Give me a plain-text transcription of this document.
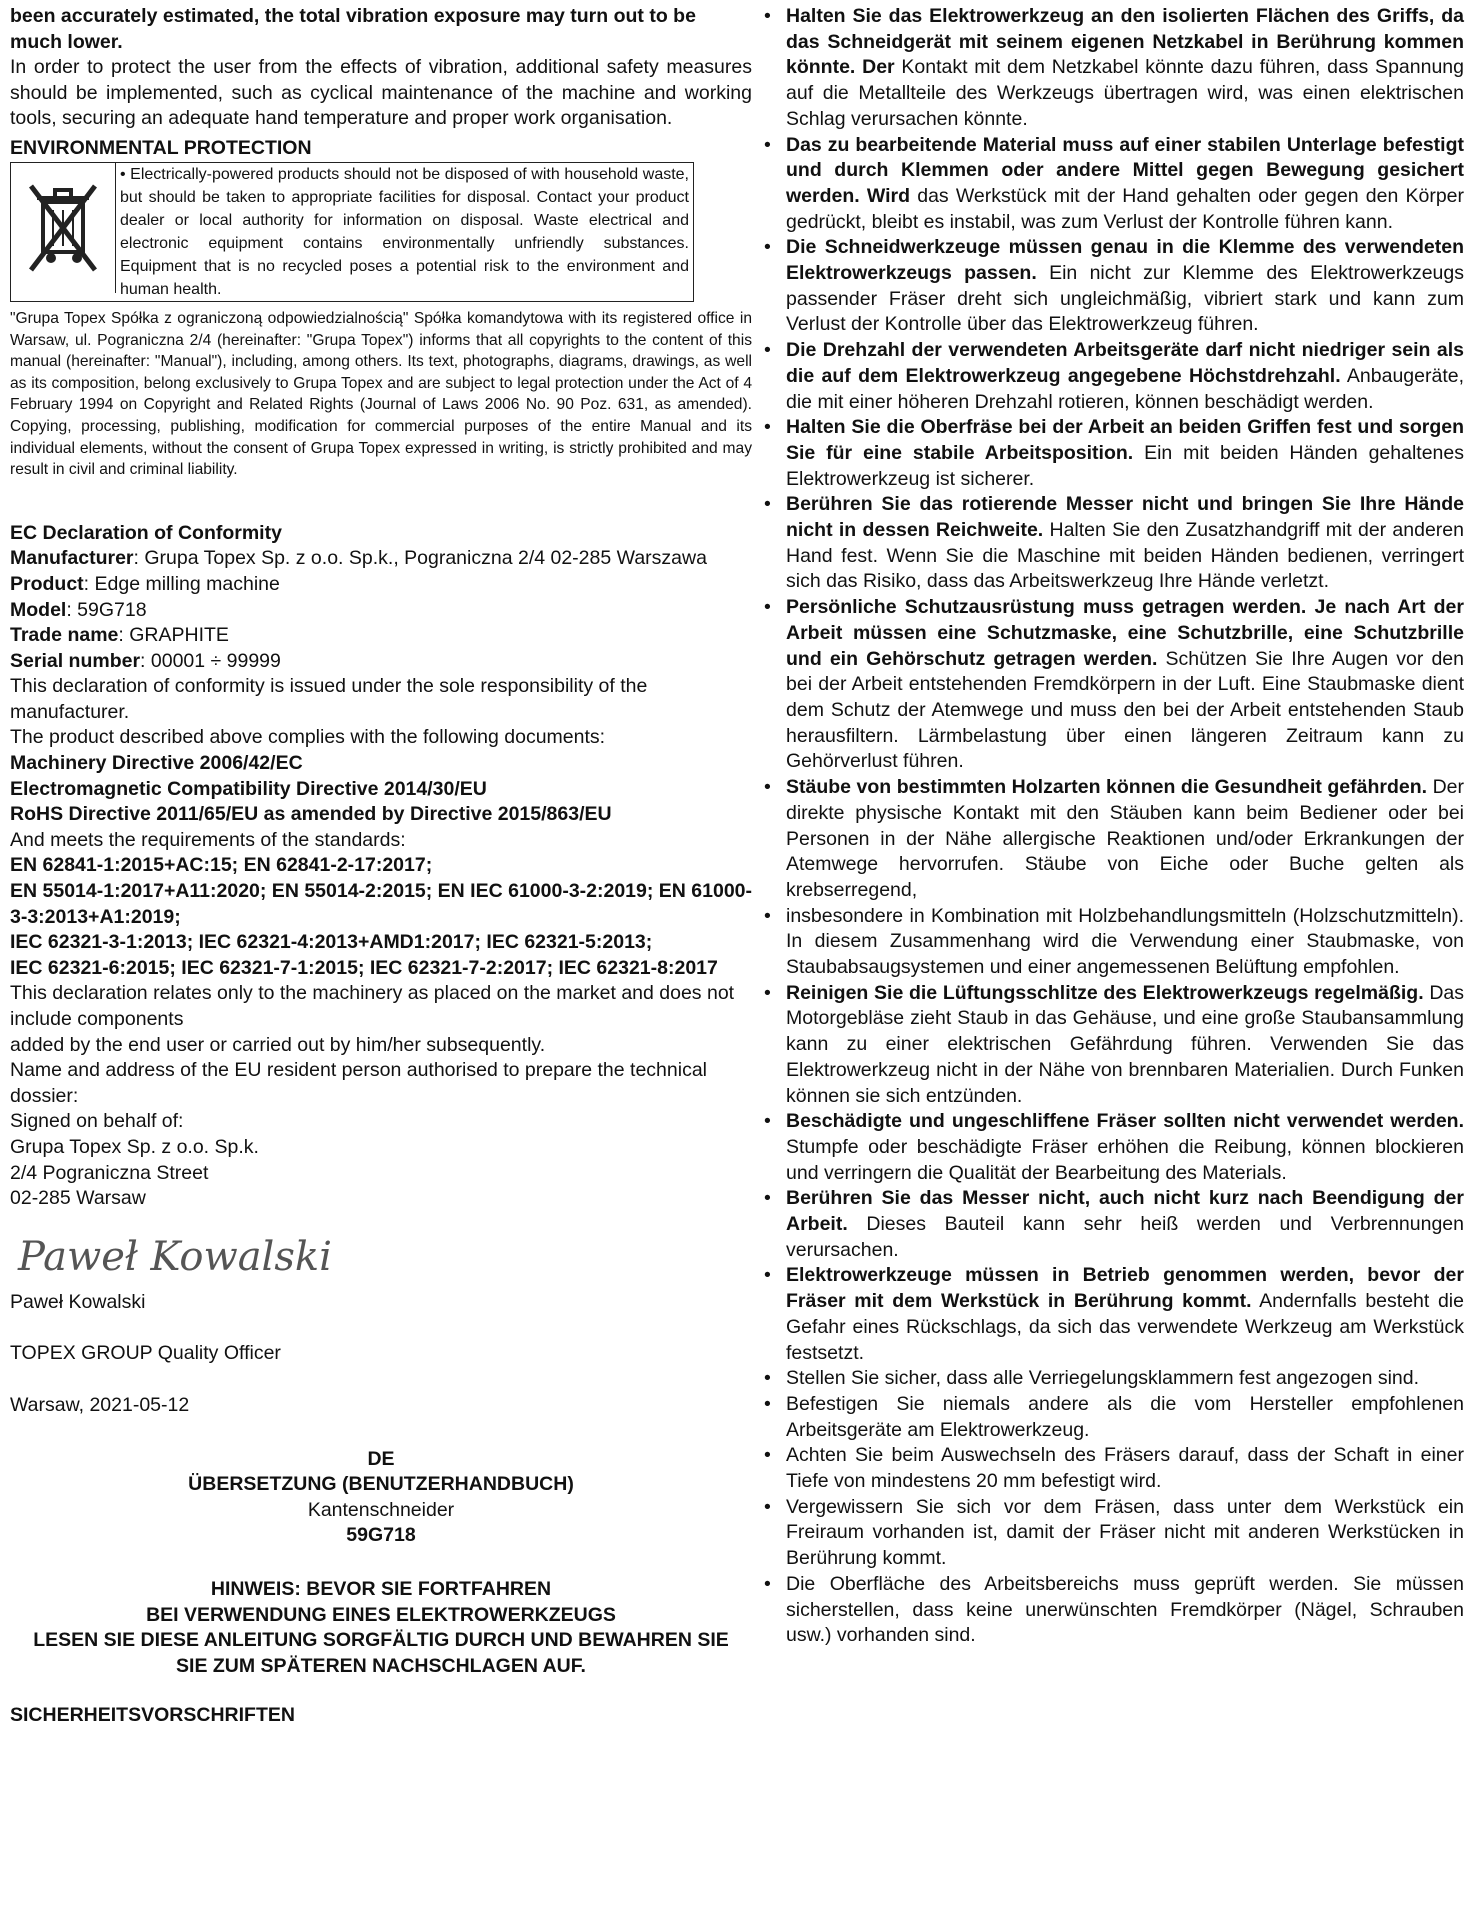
been accurately estimated, the total vibration exposure may turn out to be much lower.

In order to protect the user from the effects of vibration, additional safety measures should be implemented, such as cyclical maintenance of the machine and working tools, securing an adequate hand temperature and proper work organisation.

ENVIRONMENTAL PROTECTION

• Electrically-powered products should not be disposed of with household waste, but should be taken to appropriate facilities for disposal. Contact your product dealer or local authority for information on disposal. Waste electrical and electronic equipment contains environmentally unfriendly substances. Equipment that is no recycled poses a potential risk to the environment and human health.

"Grupa Topex Spółka z ograniczoną odpowiedzialnością" Spółka komandytowa with its registered office in Warsaw, ul. Pograniczna 2/4 (hereinafter: "Grupa Topex") informs that all copyrights to the content of this manual (hereinafter: "Manual"), including, among others. Its text, photographs, diagrams, drawings, as well as its composition, belong exclusively to Grupa Topex and are subject to legal protection under the Act of 4 February 1994 on Copyright and Related Rights (Journal of Laws 2006 No. 90 Poz. 631, as amended). Copying, processing, publishing, modification for commercial purposes of the entire Manual and its individual elements, without the consent of Grupa Topex expressed in writing, is strictly prohibited and may result in civil and criminal liability.

EC Declaration of Conformity

Manufacturer: Grupa Topex Sp. z o.o. Sp.k., Pograniczna 2/4 02-285 Warszawa

Product: Edge milling machine

Model: 59G718

Trade name: GRAPHITE

Serial number: 00001 ÷ 99999

This declaration of conformity is issued under the sole responsibility of the manufacturer.

The product described above complies with the following documents:

Machinery Directive 2006/42/EC

Electromagnetic Compatibility Directive 2014/30/EU

RoHS Directive 2011/65/EU as amended by Directive 2015/863/EU

And meets the requirements of the standards:

EN 62841-1:2015+AC:15; EN 62841-2-17:2017;

EN 55014-1:2017+A11:2020; EN 55014-2:2015; EN IEC 61000-3-2:2019; EN 61000-3-3:2013+A1:2019;

IEC 62321-3-1:2013; IEC 62321-4:2013+AMD1:2017; IEC 62321-5:2013;

IEC 62321-6:2015; IEC 62321-7-1:2015; IEC 62321-7-2:2017; IEC 62321-8:2017

This declaration relates only to the machinery as placed on the market and does not include components

added by the end user or carried out by him/her subsequently.

Name and address of the EU resident person authorised to prepare the technical dossier:

Signed on behalf of:

Grupa Topex Sp. z o.o. Sp.k.

2/4 Pograniczna Street

02-285 Warsaw

Paweł Kowalski

Paweł Kowalski

TOPEX GROUP Quality Officer

Warsaw, 2021-05-12

DE

ÜBERSETZUNG (BENUTZERHANDBUCH)

Kantenschneider

59G718

HINWEIS: BEVOR SIE FORTFAHREN

BEI VERWENDUNG EINES ELEKTROWERKZEUGS

LESEN SIE DIESE ANLEITUNG SORGFÄLTIG DURCH UND BEWAHREN SIE SIE ZUM SPÄTEREN NACHSCHLAGEN AUF.

SICHERHEITSVORSCHRIFTEN

• Halten Sie das Elektrowerkzeug an den isolierten Flächen des Griffs, da das Schneidgerät mit seinem eigenen Netzkabel in Berührung kommen könnte. Der Kontakt mit dem Netzkabel könnte dazu führen, dass Spannung auf die Metallteile des Werkzeugs übertragen wird, was einen elektrischen Schlag verursachen könnte.
• Das zu bearbeitende Material muss auf einer stabilen Unterlage befestigt und durch Klemmen oder andere Mittel gegen Bewegung gesichert werden. Wird das Werkstück mit der Hand gehalten oder gegen den Körper gedrückt, bleibt es instabil, was zum Verlust der Kontrolle führen kann.
• Die Schneidwerkzeuge müssen genau in die Klemme des verwendeten Elektrowerkzeugs passen. Ein nicht zur Klemme des Elektrowerkzeugs passender Fräser dreht sich ungleichmäßig, vibriert stark und kann zum Verlust der Kontrolle über das Elektrowerkzeug führen.
• Die Drehzahl der verwendeten Arbeitsgeräte darf nicht niedriger sein als die auf dem Elektrowerkzeug angegebene Höchstdrehzahl. Anbaugeräte, die mit einer höheren Drehzahl rotieren, können beschädigt werden.
• Halten Sie die Oberfräse bei der Arbeit an beiden Griffen fest und sorgen Sie für eine stabile Arbeitsposition. Ein mit beiden Händen gehaltenes Elektrowerkzeug ist sicherer.
• Berühren Sie das rotierende Messer nicht und bringen Sie Ihre Hände nicht in dessen Reichweite. Halten Sie den Zusatzhandgriff mit der anderen Hand fest. Wenn Sie die Maschine mit beiden Händen bedienen, verringert sich das Risiko, dass das Arbeitswerkzeug Ihre Hände verletzt.
• Persönliche Schutzausrüstung muss getragen werden. Je nach Art der Arbeit müssen eine Schutzmaske, eine Schutzbrille, eine Schutzbrille und ein Gehörschutz getragen werden. Schützen Sie Ihre Augen vor den bei der Arbeit entstehenden Fremdkörpern in der Luft. Eine Staubmaske dient dem Schutz der Atemwege und muss den bei der Arbeit entstehenden Staub herausfiltern. Lärmbelastung über einen längeren Zeitraum kann zu Gehörverlust führen.
• Stäube von bestimmten Holzarten können die Gesundheit gefährden. Der direkte physische Kontakt mit den Stäuben kann beim Bediener oder bei Personen in der Nähe allergische Reaktionen und/oder Erkrankungen der Atemwege hervorrufen. Stäube von Eiche oder Buche gelten als krebserregend,
• insbesondere in Kombination mit Holzbehandlungsmitteln (Holzschutzmitteln). In diesem Zusammenhang wird die Verwendung einer Staubmaske, von Staubabsaugsystemen und einer angemessenen Belüftung empfohlen.
• Reinigen Sie die Lüftungsschlitze des Elektrowerkzeugs regelmäßig. Das Motorgebläse zieht Staub in das Gehäuse, und eine große Staubansammlung kann zu einer elektrischen Gefährdung führen. Verwenden Sie das Elektrowerkzeug nicht in der Nähe von brennbaren Materialien. Durch Funken können sie sich entzünden.
• Beschädigte und ungeschliffene Fräser sollten nicht verwendet werden. Stumpfe oder beschädigte Fräser erhöhen die Reibung, können blockieren und verringern die Qualität der Bearbeitung des Materials.
• Berühren Sie das Messer nicht, auch nicht kurz nach Beendigung der Arbeit. Dieses Bauteil kann sehr heiß werden und Verbrennungen verursachen.
• Elektrowerkzeuge müssen in Betrieb genommen werden, bevor der Fräser mit dem Werkstück in Berührung kommt. Andernfalls besteht die Gefahr eines Rückschlags, da sich das verwendete Werkzeug am Werkstück festsetzt.
• Stellen Sie sicher, dass alle Verriegelungsklammern fest angezogen sind.
• Befestigen Sie niemals andere als die vom Hersteller empfohlenen Arbeitsgeräte am Elektrowerkzeug.
• Achten Sie beim Auswechseln des Fräsers darauf, dass der Schaft in einer Tiefe von mindestens 20 mm befestigt wird.
• Vergewissern Sie sich vor dem Fräsen, dass unter dem Werkstück ein Freiraum vorhanden ist, damit der Fräser nicht mit anderen Werkstücken in Berührung kommt.
• Die Oberfläche des Arbeitsbereichs muss geprüft werden. Sie müssen sicherstellen, dass keine unerwünschten Fremdkörper (Nägel, Schrauben usw.) vorhanden sind.
